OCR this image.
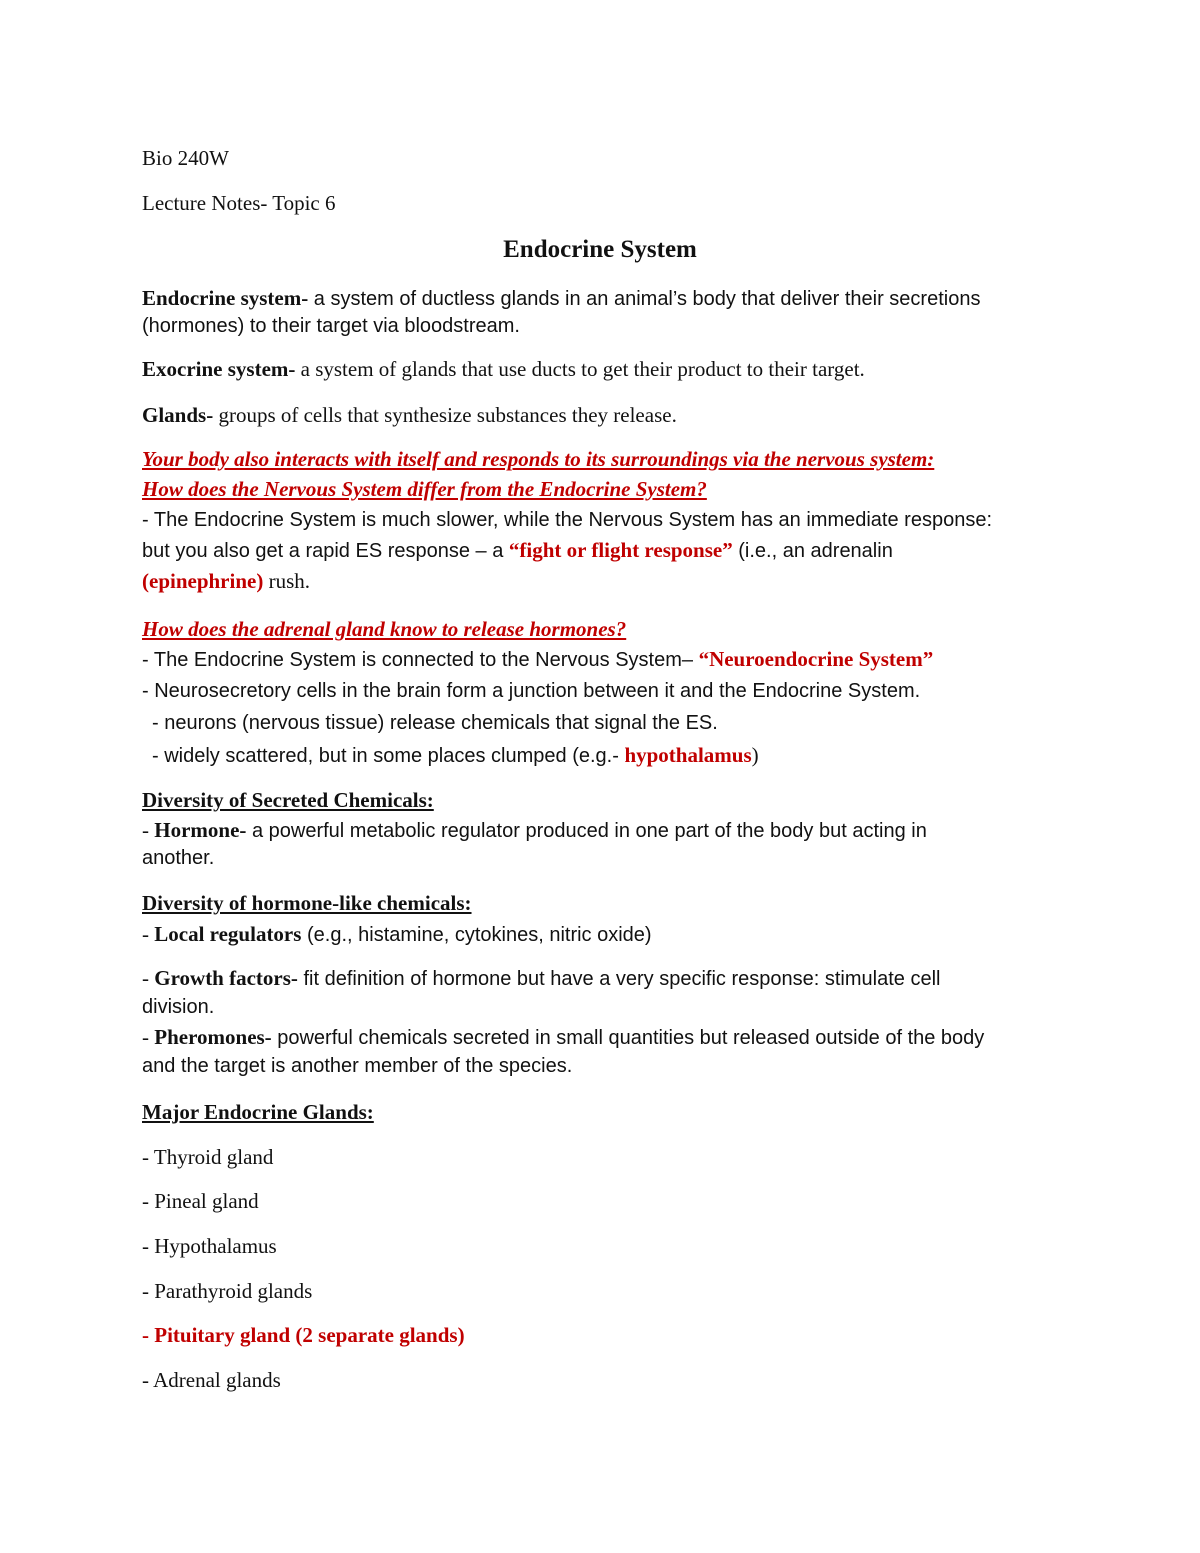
Bio 240W
Lecture Notes- Topic 6
Endocrine System
Endocrine system- a system of ductless glands in an animal’s body that deliver their secretions
(hormones) to their target via bloodstream.
Exocrine system- a system of glands that use ducts to get their product to their target.
Glands- groups of cells that synthesize substances they release.
Your body also interacts with itself and responds to its surroundings via the nervous system:
How does the Nervous System differ from the Endocrine System?
- The Endocrine System is much slower, while the Nervous System has an immediate response:
but you also get a rapid ES response – a “fight or flight response” (i.e., an adrenalin
(epinephrine) rush.
How does the adrenal gland know to release hormones?
- The Endocrine System is connected to the Nervous System– “Neuroendocrine System”
- Neurosecretory cells in the brain form a junction between it and the Endocrine System.
- neurons (nervous tissue) release chemicals that signal the ES.
- widely scattered, but in some places clumped (e.g.- hypothalamus)
Diversity of Secreted Chemicals:
- Hormone- a powerful metabolic regulator produced in one part of the body but acting in
another.
Diversity of hormone-like chemicals:
- Local regulators (e.g., histamine, cytokines, nitric oxide)
- Growth factors- fit definition of hormone but have a very specific response: stimulate cell
division.
- Pheromones- powerful chemicals secreted in small quantities but released outside of the body
and the target is another member of the species.
Major Endocrine Glands:
- Thyroid gland
- Pineal gland
- Hypothalamus
- Parathyroid glands
- Pituitary gland (2 separate glands)
- Adrenal glands
